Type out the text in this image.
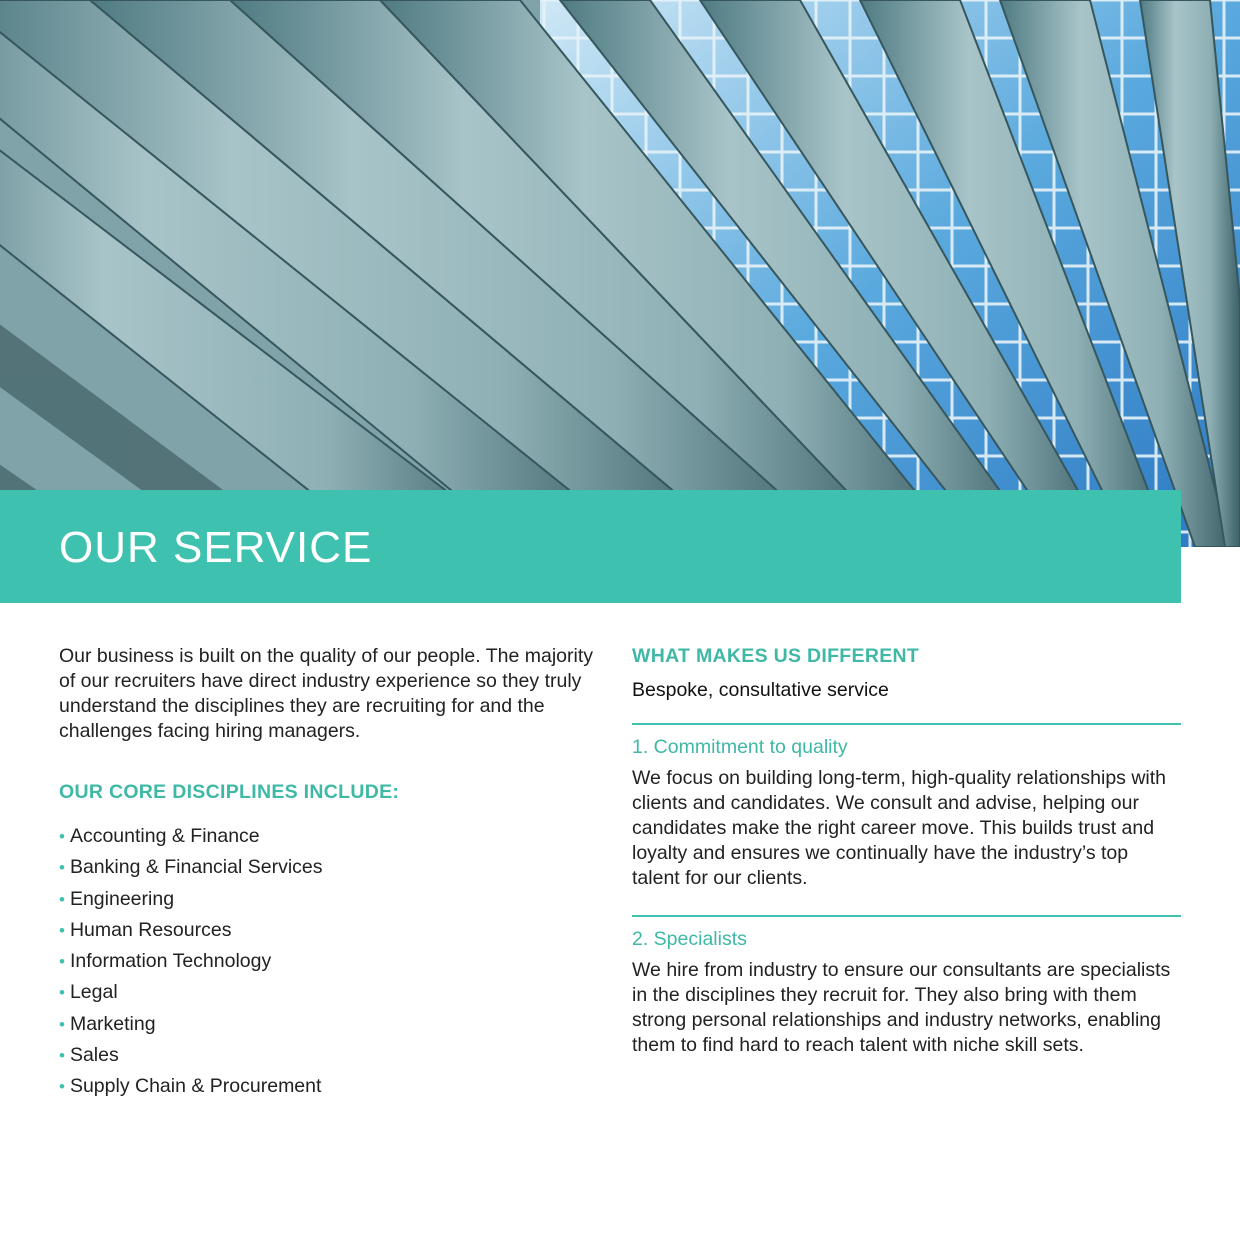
OUR SERVICE

Our business is built on the quality of our people. The majority of our recruiters have direct industry experience so they truly understand the disciplines they are recruiting for and the challenges facing hiring managers.

OUR CORE DISCIPLINES INCLUDE:
• Accounting & Finance
• Banking & Financial Services
• Engineering
• Human Resources
• Information Technology
• Legal
• Marketing
• Sales
• Supply Chain & Procurement
WHAT MAKES US DIFFERENT

Bespoke, consultative service

1. Commitment to quality

We focus on building long-term, high-quality relationships with clients and candidates. We consult and advise, helping our candidates make the right career move. This builds trust and loyalty and ensures we continually have the industry’s top talent for our clients.

2. Specialists

We hire from industry to ensure our consultants are specialists in the disciplines they recruit for. They also bring with them strong personal relationships and industry networks, enabling them to find hard to reach talent with niche skill sets.
